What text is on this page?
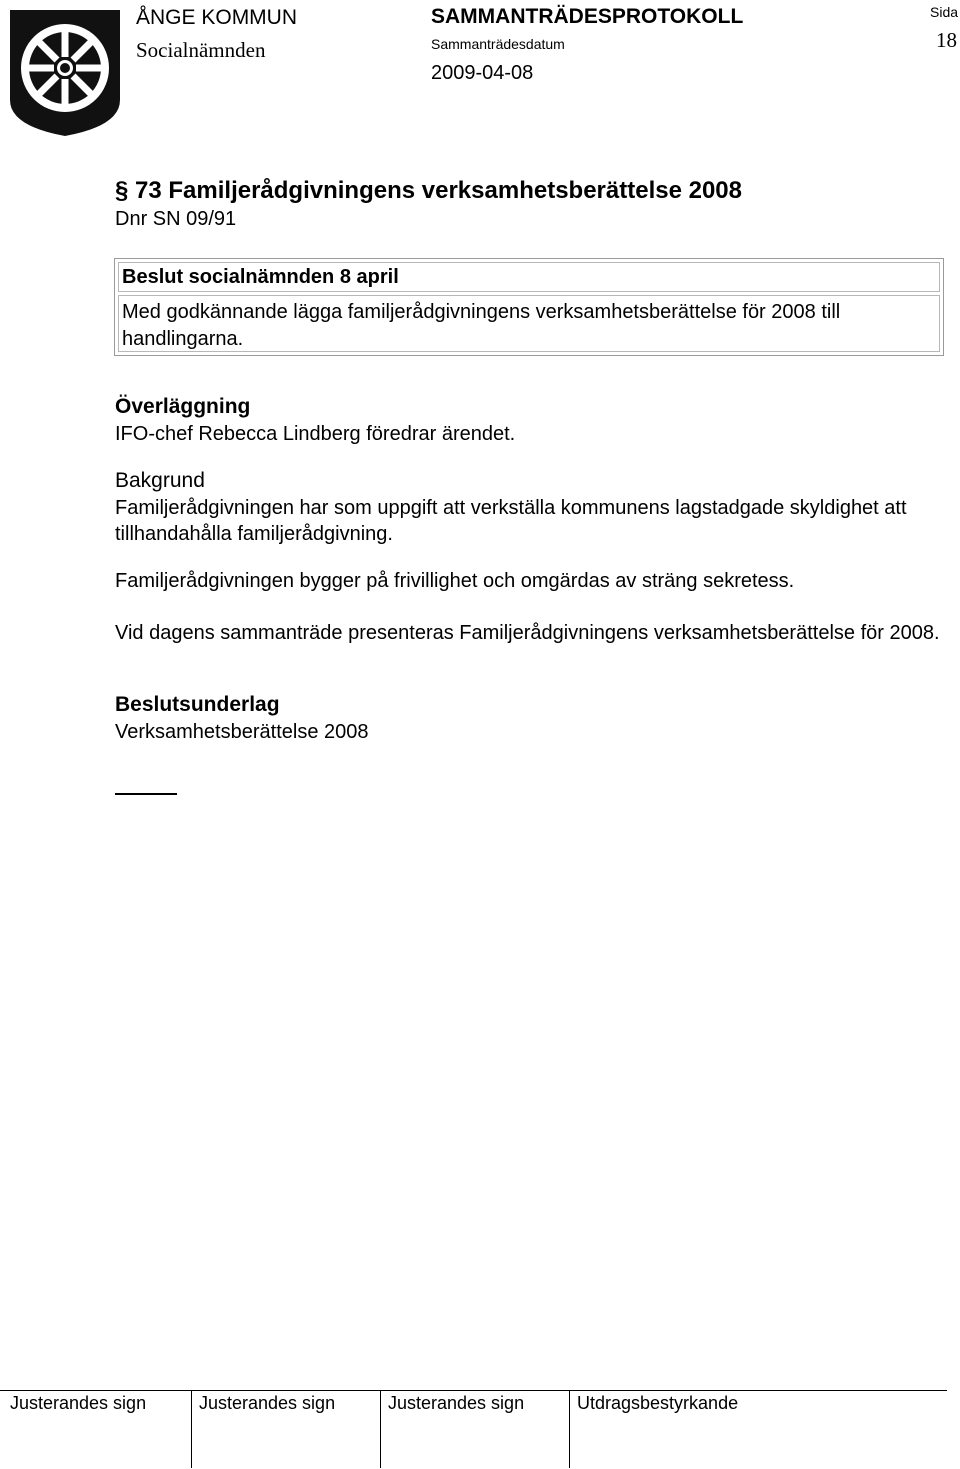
ÅNGE KOMMUN
Socialnämnden
SAMMANTRÄDESPROTOKOLL
Sammanträdesdatum
2009-04-08
Sida
18
§ 73 Familjerådgivningens verksamhetsberättelse 2008
Dnr SN 09/91
Beslut socialnämnden 8 april
Med godkännande lägga familjerådgivningens verksamhetsberättelse för 2008 till handlingarna.
Överläggning
IFO-chef Rebecca Lindberg föredrar ärendet.
Bakgrund
Familjerådgivningen har som uppgift att verkställa kommunens lagstadgade skyldighet att tillhandahålla familjerådgivning.
Familjerådgivningen bygger på frivillighet och omgärdas av sträng sekretess.
Vid dagens sammanträde presenteras Familjerådgivningens verksamhetsberättelse för 2008.
Beslutsunderlag
Verksamhetsberättelse 2008
Justerandes sign	Justerandes sign	Justerandes sign	Utdragsbestyrkande
